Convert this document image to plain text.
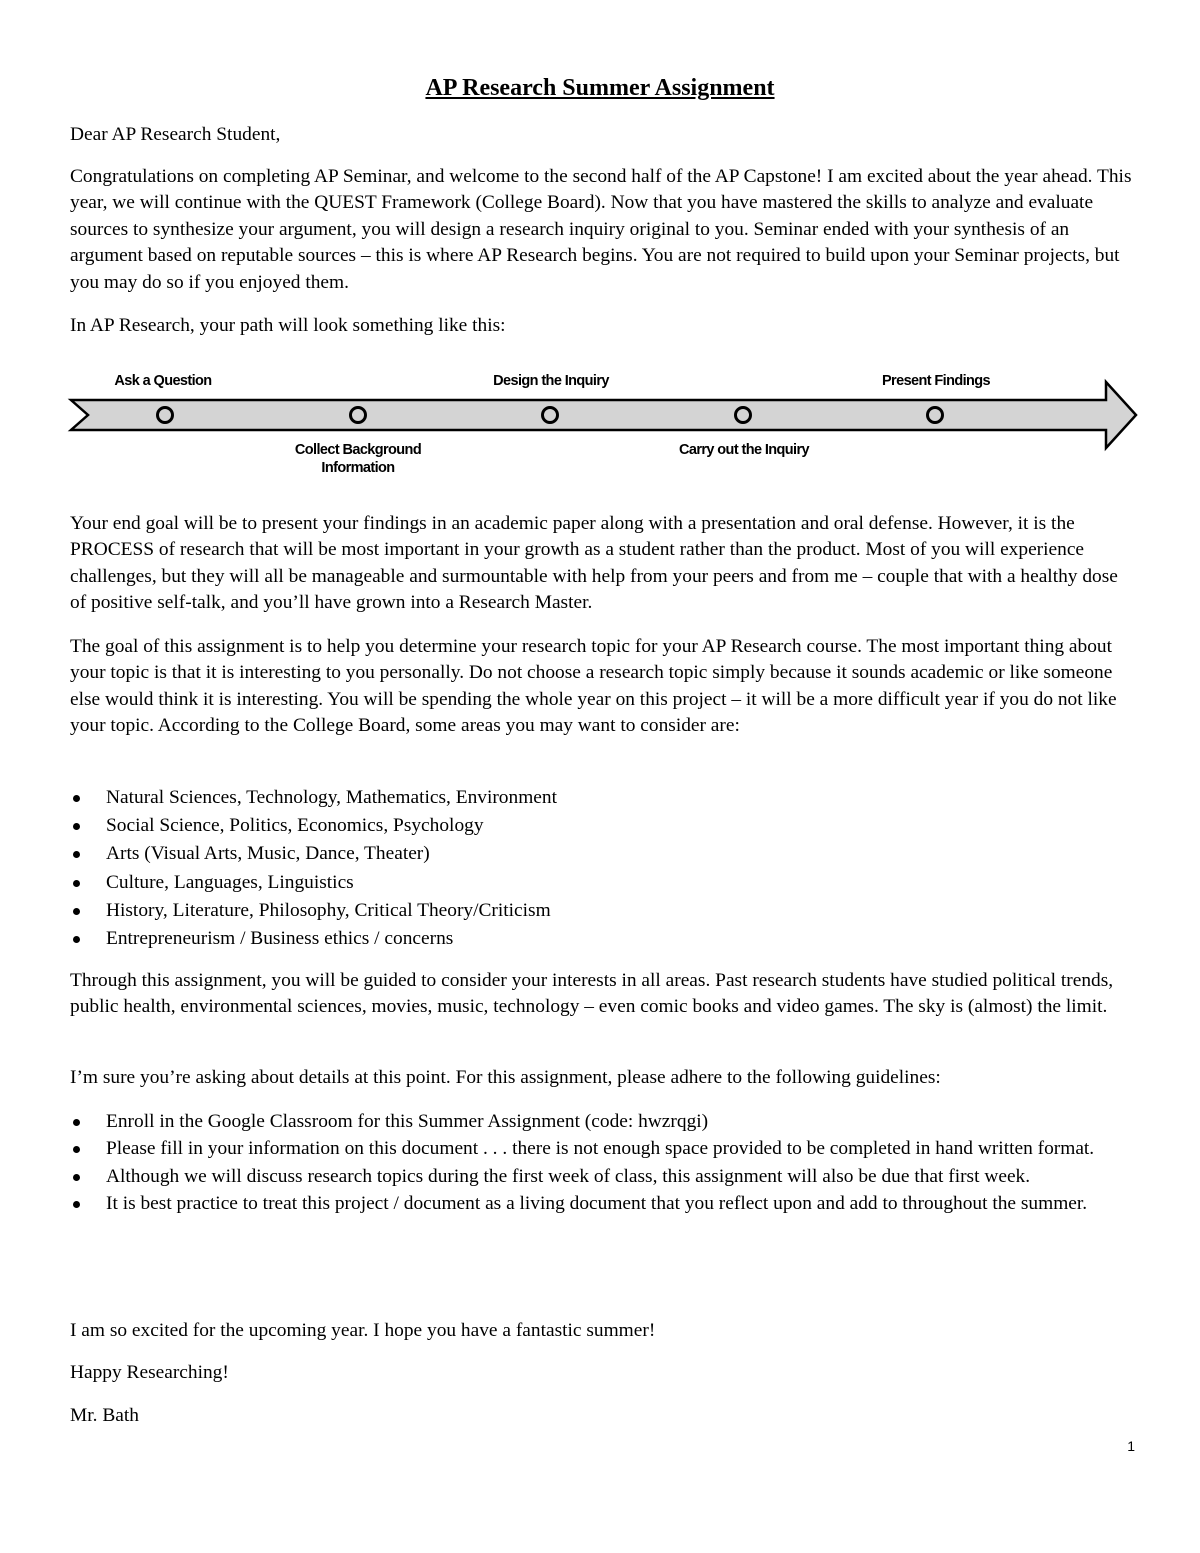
AP Research Summer Assignment

Dear AP Research Student,

Congratulations on completing AP Seminar, and welcome to the second half of the AP Capstone! I am excited about the year ahead. This year, we will continue with the QUEST Framework (College Board). Now that you have mastered the skills to analyze and evaluate sources to synthesize your argument, you will design a research inquiry original to you. Seminar ended with your synthesis of an argument based on reputable sources – this is where AP Research begins. You are not required to build upon your Seminar projects, but you may do so if you enjoyed them.

In AP Research, your path will look something like this:

Ask a Question	Design the Inquiry	Present Findings
Collect Background Information
Carry out the Inquiry

Your end goal will be to present your findings in an academic paper along with a presentation and oral defense. However, it is the PROCESS of research that will be most important in your growth as a student rather than the product. Most of you will experience challenges, but they will all be manageable and surmountable with help from your peers and from me – couple that with a healthy dose of positive self-talk, and you’ll have grown into a Research Master.

The goal of this assignment is to help you determine your research topic for your AP Research course. The most important thing about your topic is that it is interesting to you personally. Do not choose a research topic simply because it sounds academic or like someone else would think it is interesting. You will be spending the whole year on this project – it will be a more difficult year if you do not like your topic. According to the College Board, some areas you may want to consider are:

Natural Sciences, Technology, Mathematics, Environment
Social Science, Politics, Economics, Psychology
Arts (Visual Arts, Music, Dance, Theater)
Culture, Languages, Linguistics
History, Literature, Philosophy, Critical Theory/Criticism
Entrepreneurism / Business ethics / concerns

Through this assignment, you will be guided to consider your interests in all areas. Past research students have studied political trends, public health, environmental sciences, movies, music, technology – even comic books and video games. The sky is (almost) the limit.

I’m sure you’re asking about details at this point. For this assignment, please adhere to the following guidelines:

Enroll in the Google Classroom for this Summer Assignment (code: hwzrqgi)
Please fill in your information on this document . . . there is not enough space provided to be completed in hand written format.
Although we will discuss research topics during the first week of class, this assignment will also be due that first week.
It is best practice to treat this project / document as a living document that you reflect upon and add to throughout the summer.

I am so excited for the upcoming year. I hope you have a fantastic summer!

Happy Researching!

Mr. Bath

1
